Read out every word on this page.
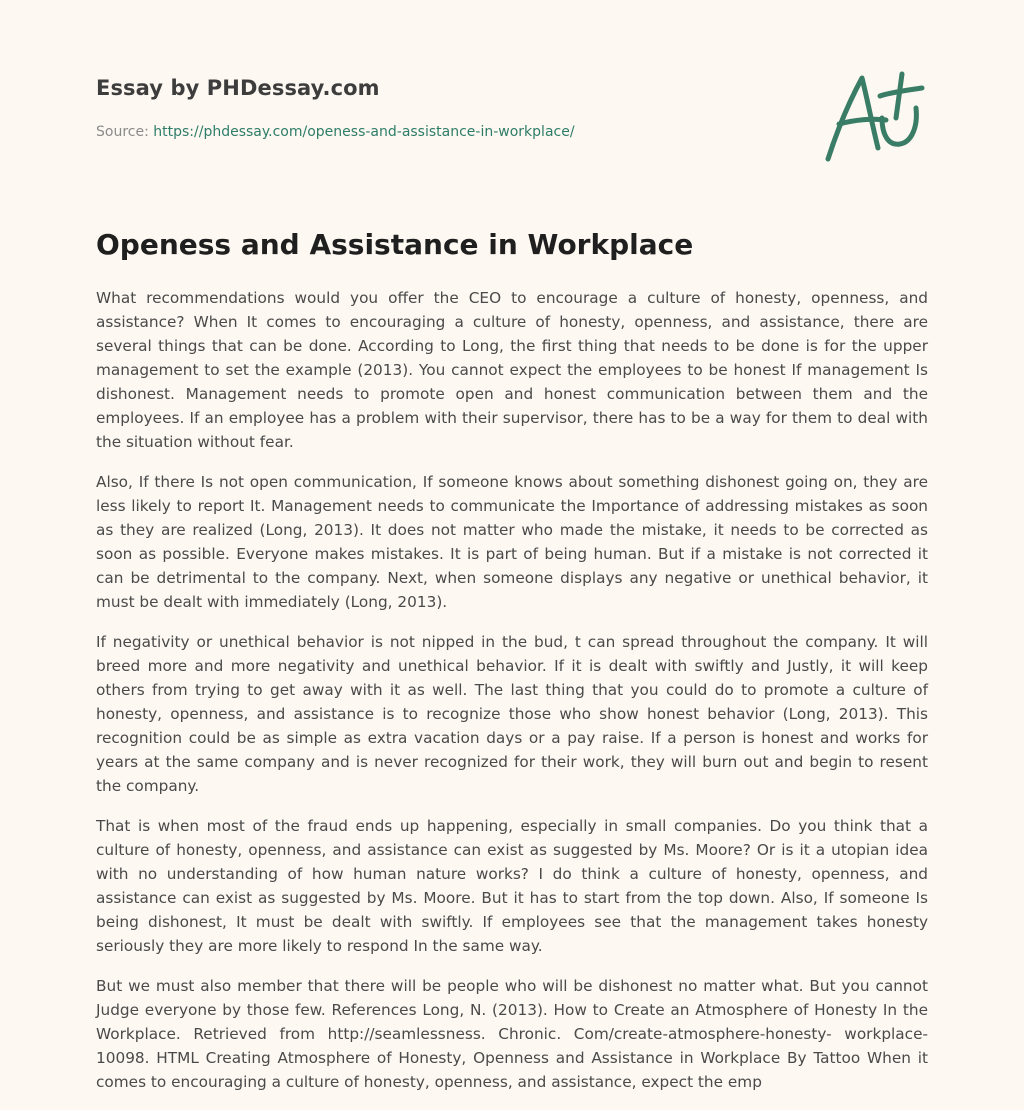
Essay by PHDessay.com
Source: https://phdessay.com/openess-and-assistance-in-workplace/
Openess and Assistance in Workplace

What recommendations would you offer the CEO to encourage a culture of honesty, openness, and assistance? When It comes to encouraging a culture of honesty, openness, and assistance, there are several things that can be done. According to Long, the first thing that needs to be done is for the upper management to set the example (2013). You cannot expect the employees to be honest If management Is dishonest. Management needs to promote open and honest communication between them and the employees. If an employee has a problem with their supervisor, there has to be a way for them to deal with the situation without fear.

Also, If there Is not open communication, If someone knows about something dishonest going on, they are less likely to report It. Management needs to communicate the Importance of addressing mistakes as soon as they are realized (Long, 2013). It does not matter who made the mistake, it needs to be corrected as soon as possible. Everyone makes mistakes. It is part of being human. But if a mistake is not corrected it can be detrimental to the company. Next, when someone displays any negative or unethical behavior, it must be dealt with immediately (Long, 2013).

If negativity or unethical behavior is not nipped in the bud, t can spread throughout the company. It will breed more and more negativity and unethical behavior. If it is dealt with swiftly and Justly, it will keep others from trying to get away with it as well. The last thing that you could do to promote a culture of honesty, openness, and assistance is to recognize those who show honest behavior (Long, 2013). This recognition could be as simple as extra vacation days or a pay raise. If a person is honest and works for years at the same company and is never recognized for their work, they will burn out and begin to resent the company.

That is when most of the fraud ends up happening, especially in small companies. Do you think that a culture of honesty, openness, and assistance can exist as suggested by Ms. Moore? Or is it a utopian idea with no understanding of how human nature works? I do think a culture of honesty, openness, and assistance can exist as suggested by Ms. Moore. But it has to start from the top down. Also, If someone Is being dishonest, It must be dealt with swiftly. If employees see that the management takes honesty seriously they are more likely to respond In the same way.

But we must also member that there will be people who will be dishonest no matter what. But you cannot Judge everyone by those few. References Long, N. (2013). How to Create an Atmosphere of Honesty In the Workplace. Retrieved from http://seamlessness. Chronic. Com/create-atmosphere-honesty- workplace- 10098. HTML Creating Atmosphere of Honesty, Openness and Assistance in Workplace By Tattoo When it comes to encouraging a culture of honesty, openness, and assistance, expect the emp
